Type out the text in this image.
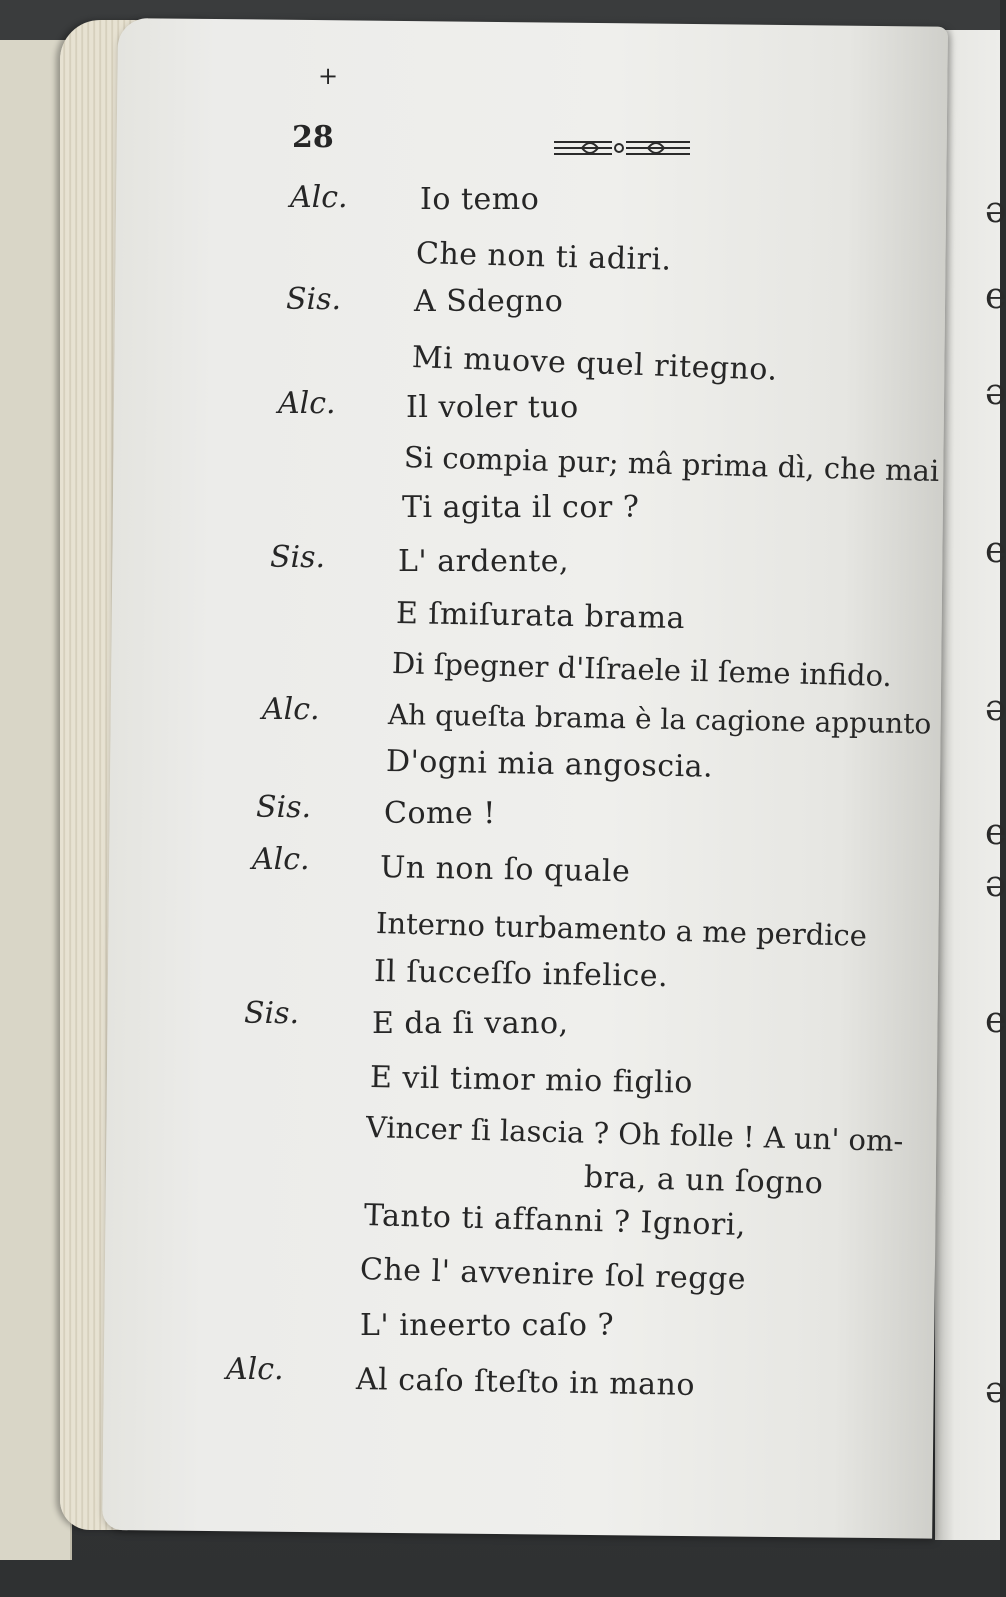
+
28
Alc. Io temo
Che non ti adiri.
Sis. A Sdegno
Mi muove quel ritegno.
Alc. Il voler tuo
Si compia pur; mâ prima dì, che mai
Ti agita il cor ?
Sis. L' ardente,
E ſmiſurata brama
Di ſpegner d'Iſraele il ſeme infido.
Alc. Ah queſta brama è la cagione appunto
D'ogni mia angoscia.
Sis. Come !
Alc. Un non ſo quale
Interno turbamento a me perdice
Il ſucceſſo infelice.
Sis. E da ſi vano,
E vil timor mio figlio
Vincer ſi lascia ? Oh folle ! A un' om-
bra, a un ſogno
Tanto ti affanni ? Ignori,
Che l' avvenire ſol regge
L' ineerto caſo ?
Alc. Al caſo ſteſto in mano
ǝ
e
ǝ
e
ǝ
e
ǝ
e
ǝ
